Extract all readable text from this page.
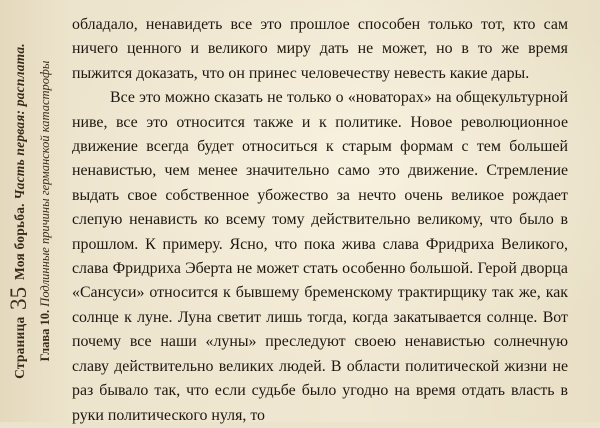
Страница 35 Моя борьба. Часть первая: расплата.
Глава 10. Подлинные причины германской катастрофы

обладало, ненавидеть все это прошлое способен только тот, кто сам ничего ценного и великого миру дать не может, но в то же время пыжится доказать, что он принес человечеству невесть какие дары.

Все это можно сказать не только о «новаторах» на общекультурной ниве, все это относится также и к политике. Новое революционное движение всегда будет относиться к старым формам с тем большей ненавистью, чем менее значительно само это движение. Стремление выдать свое собственное убожество за нечто очень великое рождает слепую ненависть ко всему тому действительно великому, что было в прошлом. К примеру. Ясно, что пока жива слава Фридриха Великого, слава Фридриха Эберта не может стать особенно большой. Герой дворца «Сансуси» относится к бывшему бременскому трактирщику так же, как солнце к луне. Луна светит лишь тогда, когда закатывается солнце. Вот почему все наши «луны» преследуют своею ненавистью солнечную славу действительно великих людей. В области политической жизни не раз бывало так, что если судьбе было угодно на время отдать власть в руки политического нуля, то
